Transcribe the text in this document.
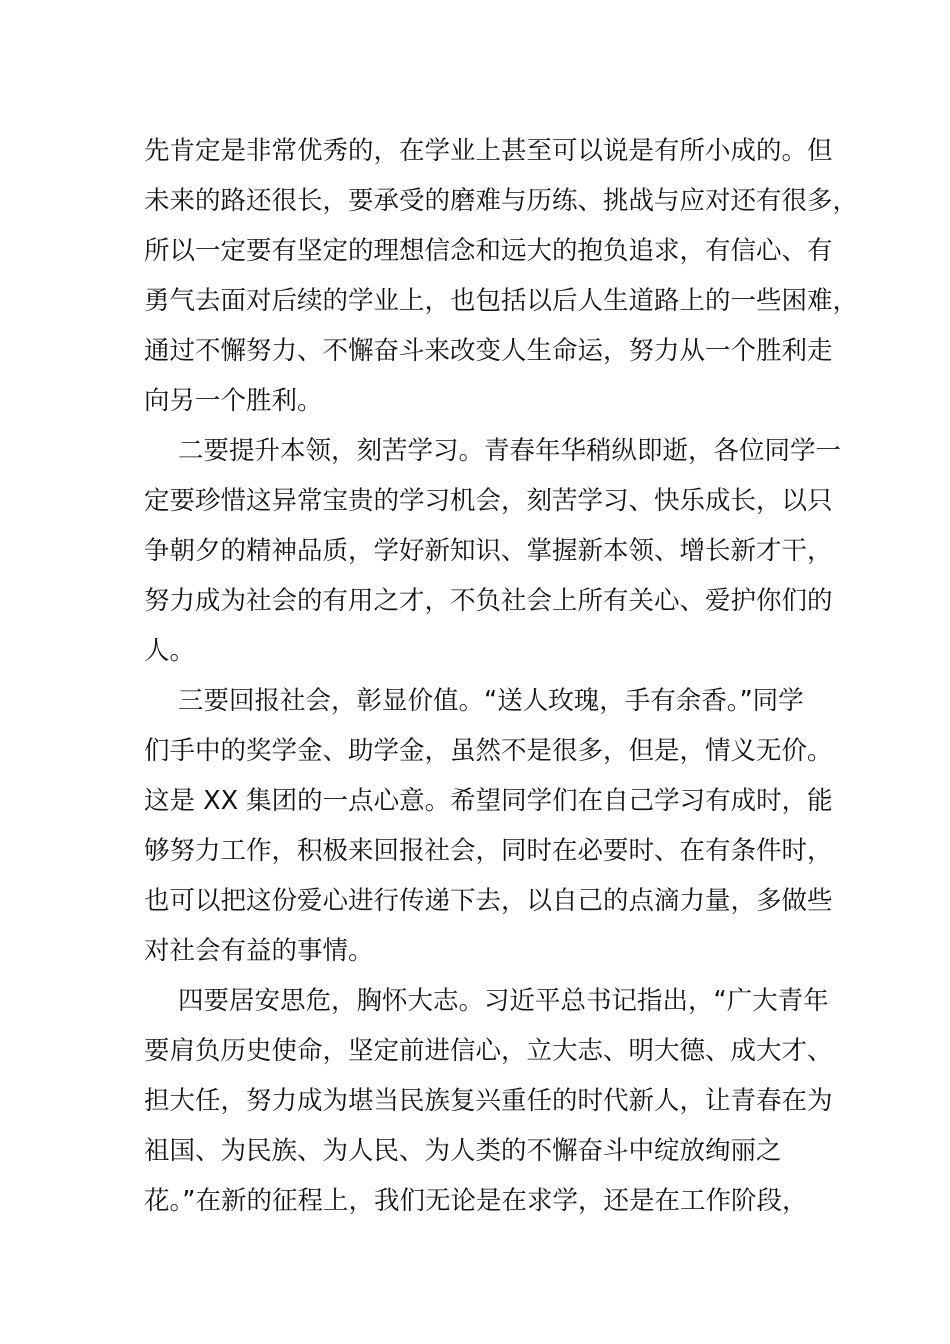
先肯定是非常优秀的，在学业上甚至可以说是有所小成的。但
未来的路还很长，要承受的磨难与历练、挑战与应对还有很多，
所以一定要有坚定的理想信念和远大的抱负追求，有信心、有
勇气去面对后续的学业上，也包括以后人生道路上的一些困难，
通过不懈努力、不懈奋斗来改变人生命运，努力从一个胜利走
向另一个胜利。
二要提升本领，刻苦学习。青春年华稍纵即逝，各位同学一
定要珍惜这异常宝贵的学习机会，刻苦学习、快乐成长，以只
争朝夕的精神品质，学好新知识、掌握新本领、增长新才干，
努力成为社会的有用之才，不负社会上所有关心、爱护你们的
人。
三要回报社会，彰显价值。“送人玫瑰，手有余香。”同学
们手中的奖学金、助学金，虽然不是很多，但是，情义无价。
这是 XX 集团的一点心意。希望同学们在自己学习有成时，能
够努力工作，积极来回报社会，同时在必要时、在有条件时，
也可以把这份爱心进行传递下去，以自己的点滴力量，多做些
对社会有益的事情。
四要居安思危，胸怀大志。习近平总书记指出，“广大青年
要肩负历史使命，坚定前进信心，立大志、明大德、成大才、
担大任，努力成为堪当民族复兴重任的时代新人，让青春在为
祖国、为民族、为人民、为人类的不懈奋斗中绽放绚丽之
花。”在新的征程上，我们无论是在求学，还是在工作阶段，
